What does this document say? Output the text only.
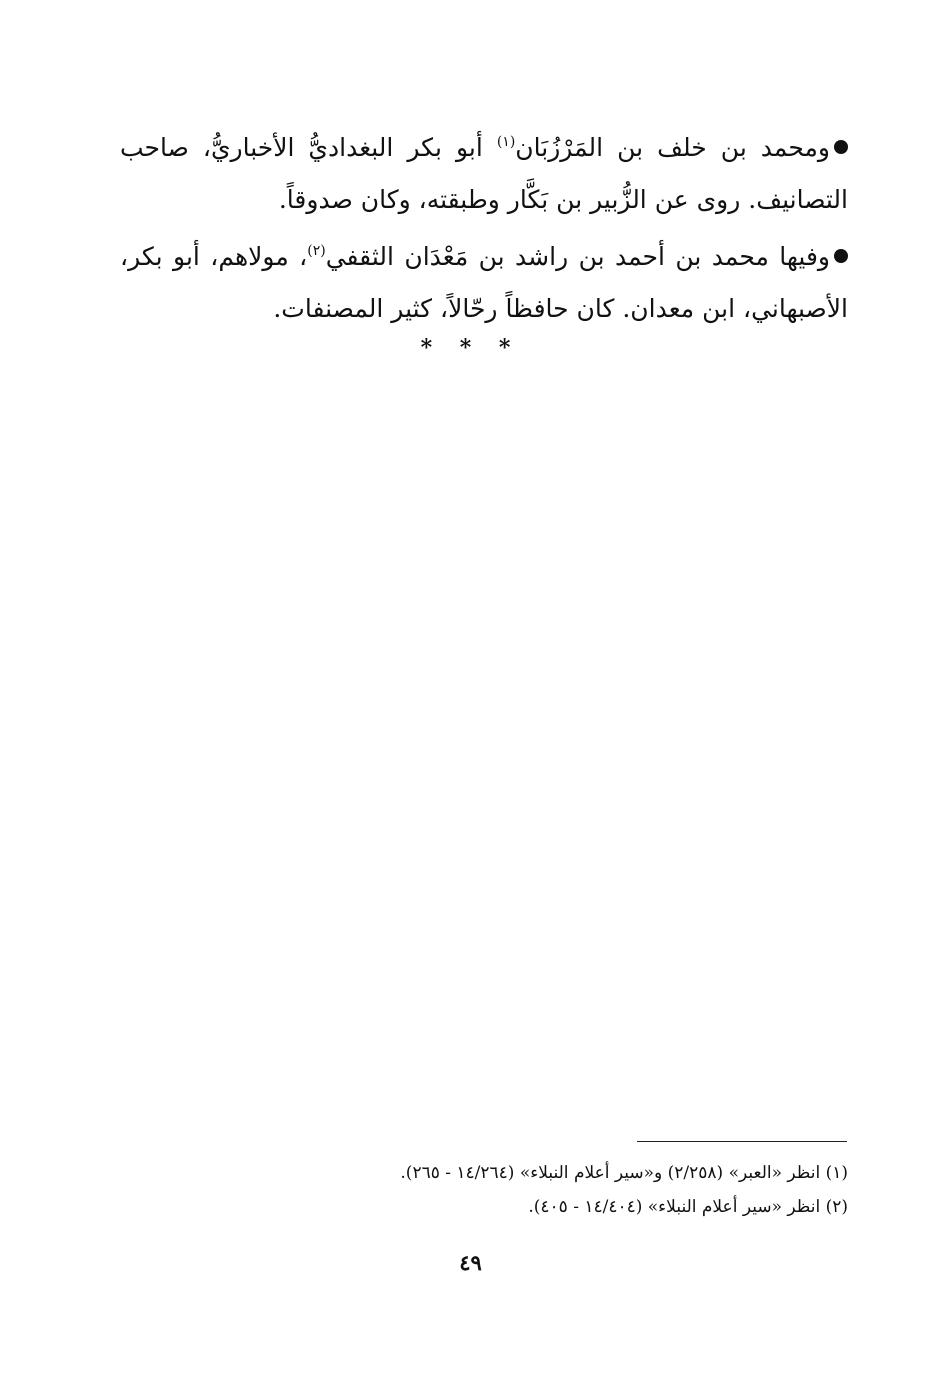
ومحمد بن خلف بن المَرْزُبَان$^{(١)}$ أبو بكر البغداديُّ الأخباريُّ، صاحب التصانيف. روى عن الزُّبير بن بَكَّار وطبقته، وكان صدوقاً.

وفيها محمد بن أحمد بن راشد بن مَعْدَان الثقفي$^{(٢)}$، مولاهم، أبو بكر، الأصبهاني، ابن معدان. كان حافظاً رحّالاً، كثير المصنفات.

* * *
(١) انظر «العبر» (٢/٢٥٨) و«سير أعلام النبلاء» (١٤/٢٦٤ - ٢٦٥).
(٢) انظر «سير أعلام النبلاء» (١٤/٤٠٤ - ٤٠٥).
٤٩
